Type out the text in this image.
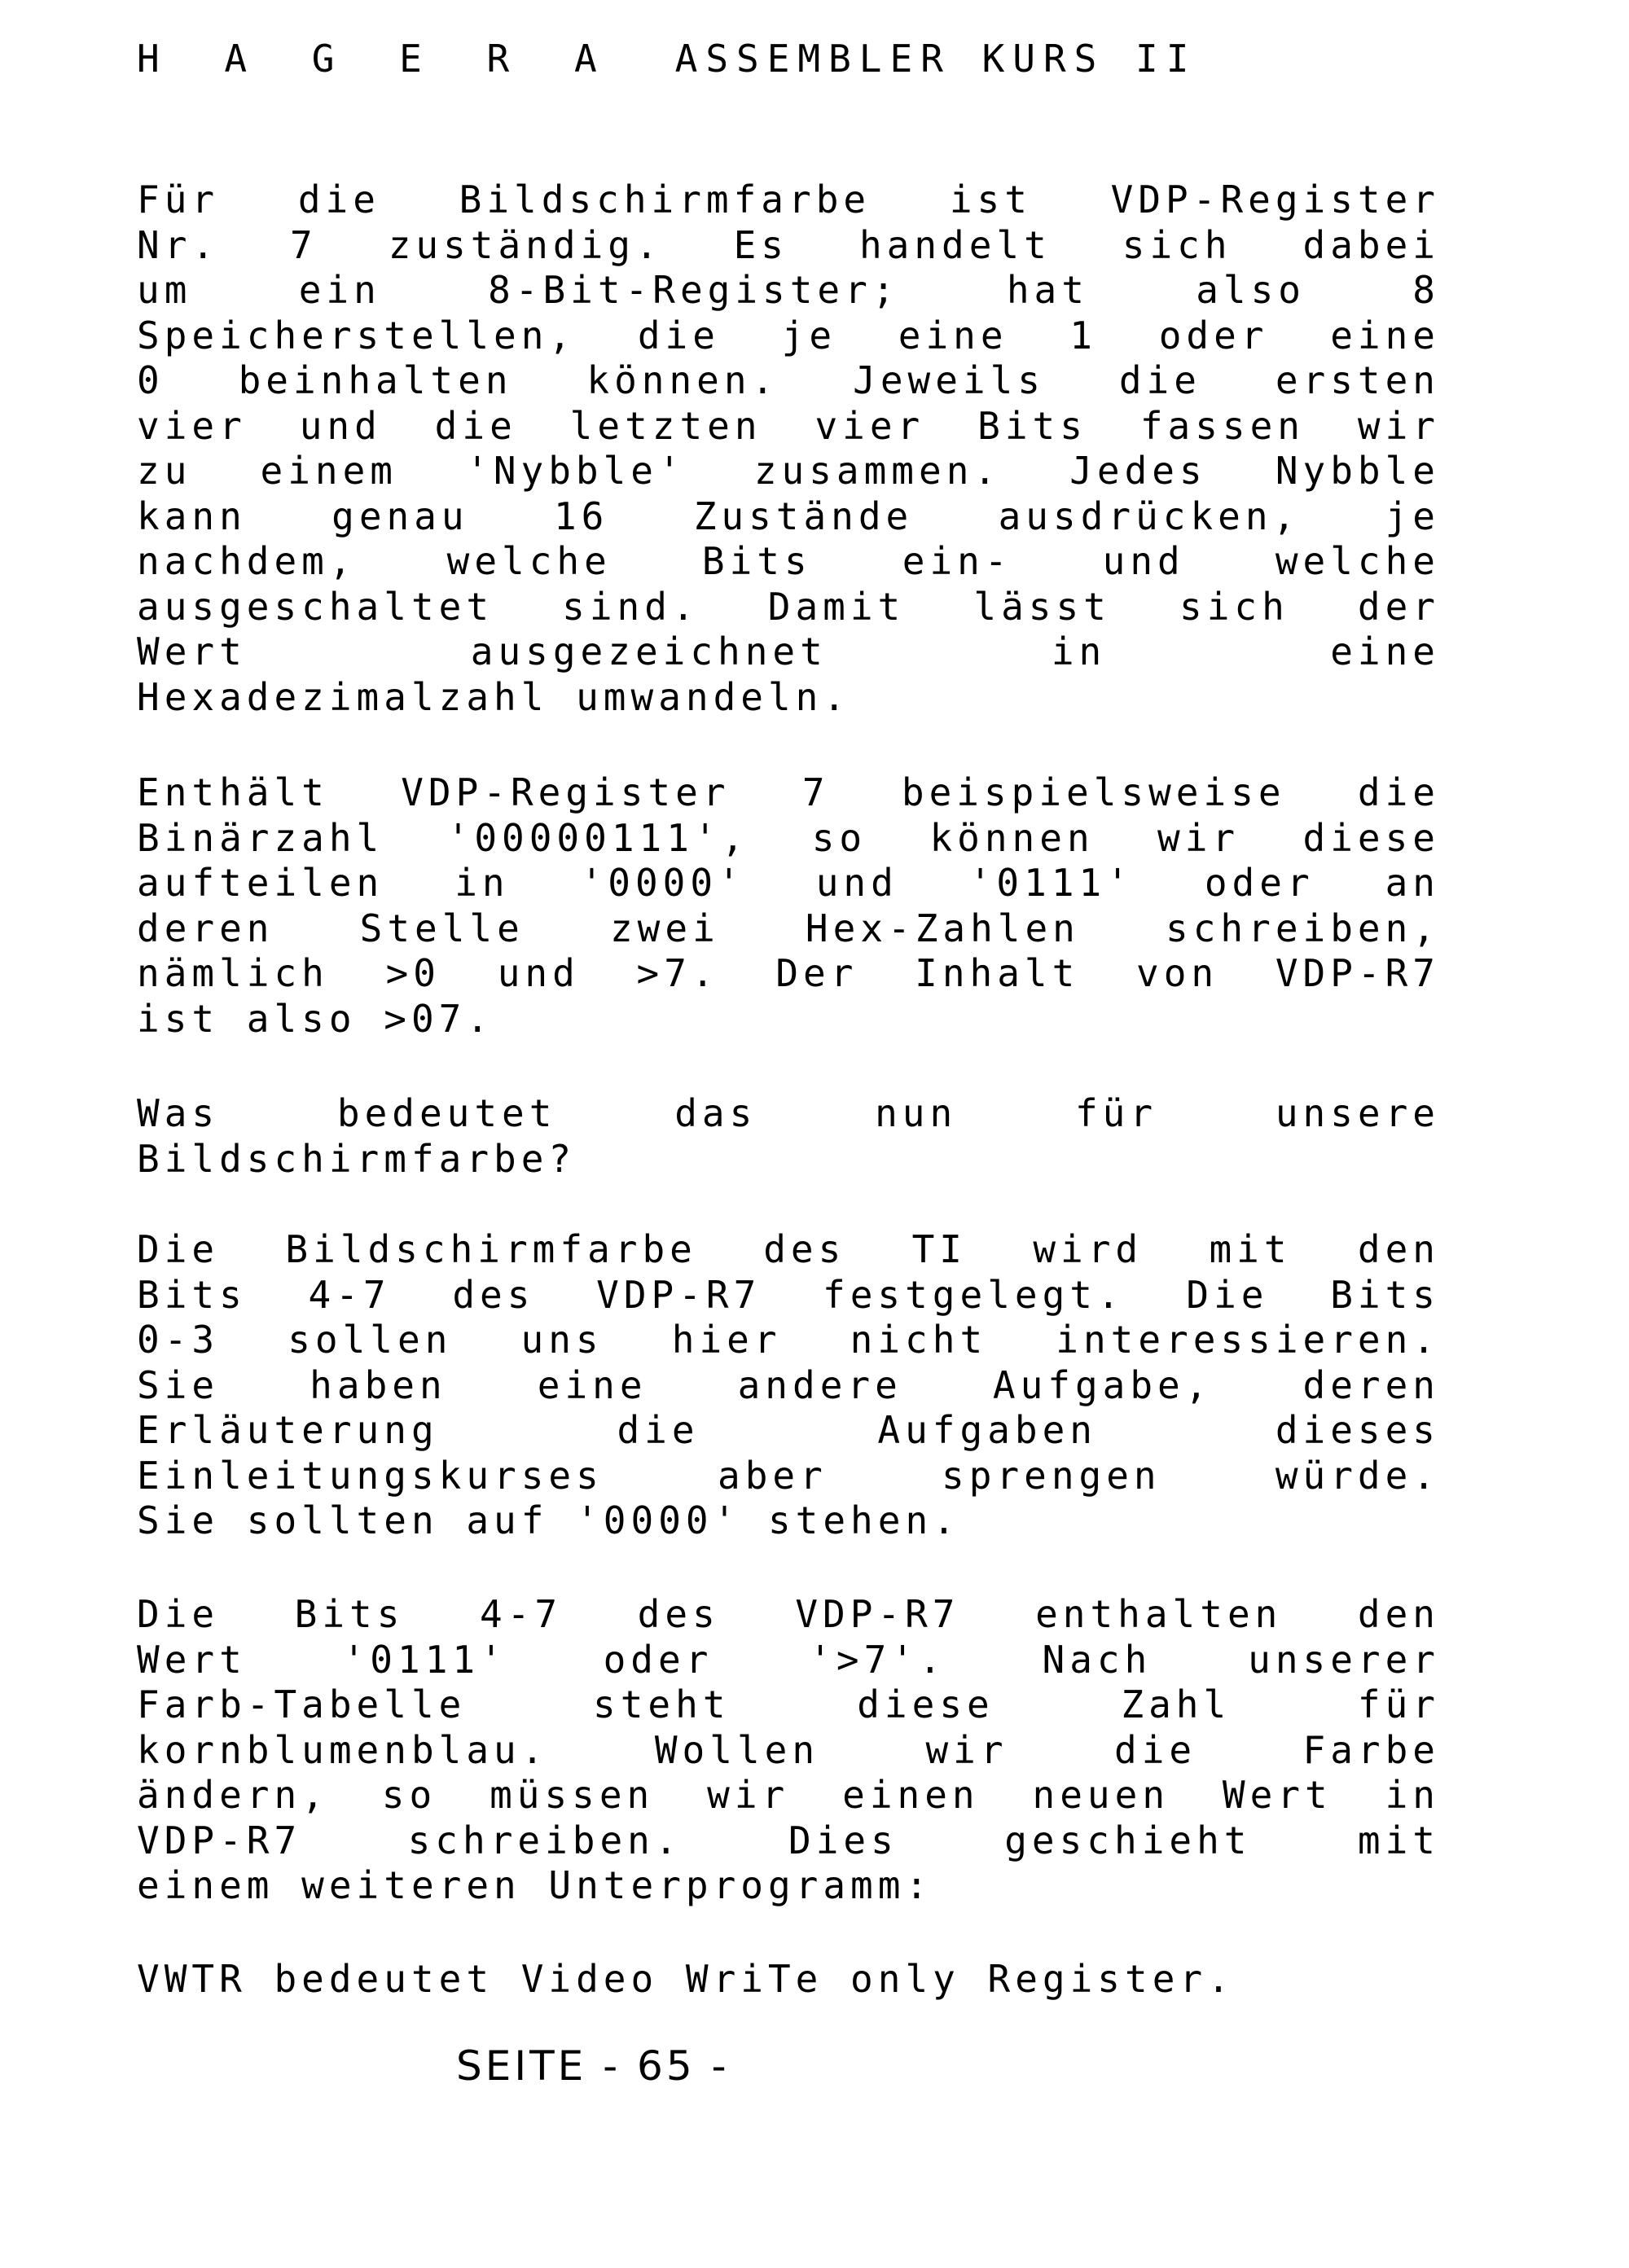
H A G E R A ASSEMBLER KURS II
Für die Bildschirmfarbe ist VDP-Register
Nr. 7 zuständig. Es handelt sich dabei
um ein 8-Bit-Register; hat also 8
Speicherstellen, die je eine 1 oder eine
0 beinhalten können. Jeweils die ersten
vier und die letzten vier Bits fassen wir
zu einem 'Nybble' zusammen. Jedes Nybble
kann genau 16 Zustände ausdrücken, je
nachdem, welche Bits ein- und welche
ausgeschaltet sind. Damit lässt sich der
Wert ausgezeichnet in eine
Hexadezimalzahl umwandeln.
Enthält VDP-Register 7 beispielsweise die
Binärzahl '00000111', so können wir diese
aufteilen in '0000' und '0111' oder an
deren Stelle zwei Hex-Zahlen schreiben,
nämlich >0 und >7. Der Inhalt von VDP-R7
ist also >07.
Was bedeutet das nun für unsere
Bildschirmfarbe?
Die Bildschirmfarbe des TI wird mit den
Bits 4-7 des VDP-R7 festgelegt. Die Bits
0-3 sollen uns hier nicht interessieren.
Sie haben eine andere Aufgabe, deren
Erläuterung die Aufgaben dieses
Einleitungskurses aber sprengen würde.
Sie sollten auf '0000' stehen.
Die Bits 4-7 des VDP-R7 enthalten den
Wert '0111' oder '>7'. Nach unserer
Farb-Tabelle steht diese Zahl für
kornblumenblau. Wollen wir die Farbe
ändern, so müssen wir einen neuen Wert in
VDP-R7 schreiben. Dies geschieht mit
einem weiteren Unterprogramm:
VWTR bedeutet Video WriTe only Register.
SEITE - 65 -
